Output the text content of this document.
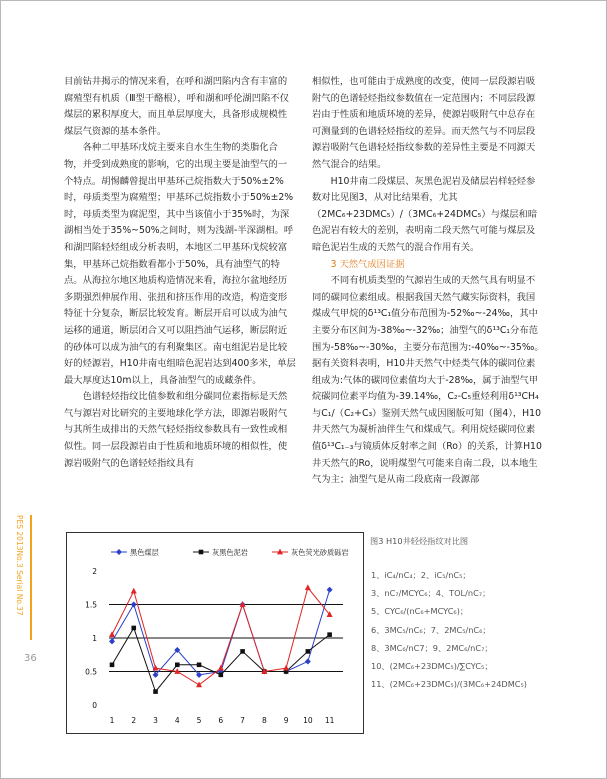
目前钻井揭示的情况来看，在呼和湖凹陷内含有丰富的腐殖型有机质（Ⅲ型干酪根），呼和湖和呼伦湖凹陷不仅煤层的累积厚度大，而且单层厚度大，具备形成规模性煤层气资源的基本条件。

　　各种二甲基环戊烷主要来自水生生物的类脂化合物，并受到成熟度的影响，它的出现主要是油型气的一个特点。胡惕麟曾提出甲基环己烷指数大于50%±2%时，母质类型为腐殖型；甲基环己烷指数小于50%±2%时，母质类型为腐泥型，其中当该值小于35%时，为深湖相当处于35%~50%之间时，则为浅湖-半深湖相。呼和湖凹陷轻烃组成分析表明，本地区二甲基环戊烷较富集，甲基环己烷指数看都小于50%，具有油型气的特点。从海拉尔地区地质构造情况来看，海拉尔盆地经历多期强烈伸展作用、张扭和挤压作用的改造，构造变形特征十分复杂，断层比较发育。断层开启可以成为油气运移的通道，断层闭合又可以阻挡油气运移，断层附近的砂体可以成为油气的有利聚集区。南屯组泥岩是比较好的烃源岩，H10井南屯组暗色泥岩达到400多米，单层最大厚度达10m以上，具备油型气的成藏条件。

　　色谱轻烃指纹比值参数和组分碳同位素指标是天然气与源岩对比研究的主要地球化学方法，即源岩吸附气与其所生成排出的天然气轻烃指纹参数具有一致性或相似性。同一层段源岩由于性质和地质环境的相似性，使源岩吸附气的色谱轻烃指纹具有

相似性，也可能由于成熟度的改变，使同一层段源岩吸附气的色谱轻烃指纹参数值在一定范围内；不同层段源岩由于性质和地质环境的差异，使源岩吸附气中总存在可测量到的色谱轻烃指纹的差异。而天然气与不同层段源岩吸附气色谱轻烃指纹参数的差异性主要是不同源天然气混合的结果。

　　H10井南二段煤层、灰黑色泥岩及储层岩样轻烃参数对比见图3，从对比结果看，尤其（2MC₆+23DMC₅）/（3MC₆+24DMC₅）与煤层和暗色泥岩有较大的差别，表明南二段天然气可能与煤层及暗色泥岩生成的天然气的混合作用有关。

　　3 天然气成因证据

　　不同有机质类型的气源岩生成的天然气具有明显不同的碳同位素组成。根据我国天然气藏实际资料，我国煤成气甲烷的δ¹³C₁值分布范围为-52‰~-24‰，其中主要分布区间为-38‰~-32‰；油型气的δ¹³C₁分布范围为-58‰~-30‰，主要分布范围为:-40‰~-35‰。据有关资料表明，H10井天然气中烃类气体的碳同位素组成为:气体的碳同位素值均大于-28‰，属于油型气甲烷碳同位素平均值为-39.14‰，C₂-C₅重烃利用δ¹³CH₄与C₁/（C₂+C₃）鉴别天然气成因图版可知（图4），H10井天然气为凝析油伴生气和煤成气。利用烷烃碳同位素值δ¹³C₁₋₃与镜质体反射率之间（Ro）的关系，计算H10井天然气的Ro，说明煤型气可能来自南二段，以本地生气为主；油型气是从南二段底南一段源部

PES 2013No.3 Serial No.37
36
0
0.5
1
1.5
2
1 2 3 4 5 6 7 8 9 10 11
黑色煤层	灰黑色泥岩	灰色荧光砂质砾岩
图3 H10井轻烃指纹对比图
1、iC₄/nC₄；2、iC₅/nC₅；
3、nC₇/MCYC₆；4、TOL/nC₇；
5、CYC₆/(nC₆+MCYC₆)；
6、3MC₅/nC₆；7、2MC₅/nC₆；
8、3MC₆/nC7；9、2MC₆/nC₇；
10、(2MC₆+23DMC₅)/∑CYC₅；
11、(2MC₆+23DMC₅)/(3MC₆+24DMC₅)
